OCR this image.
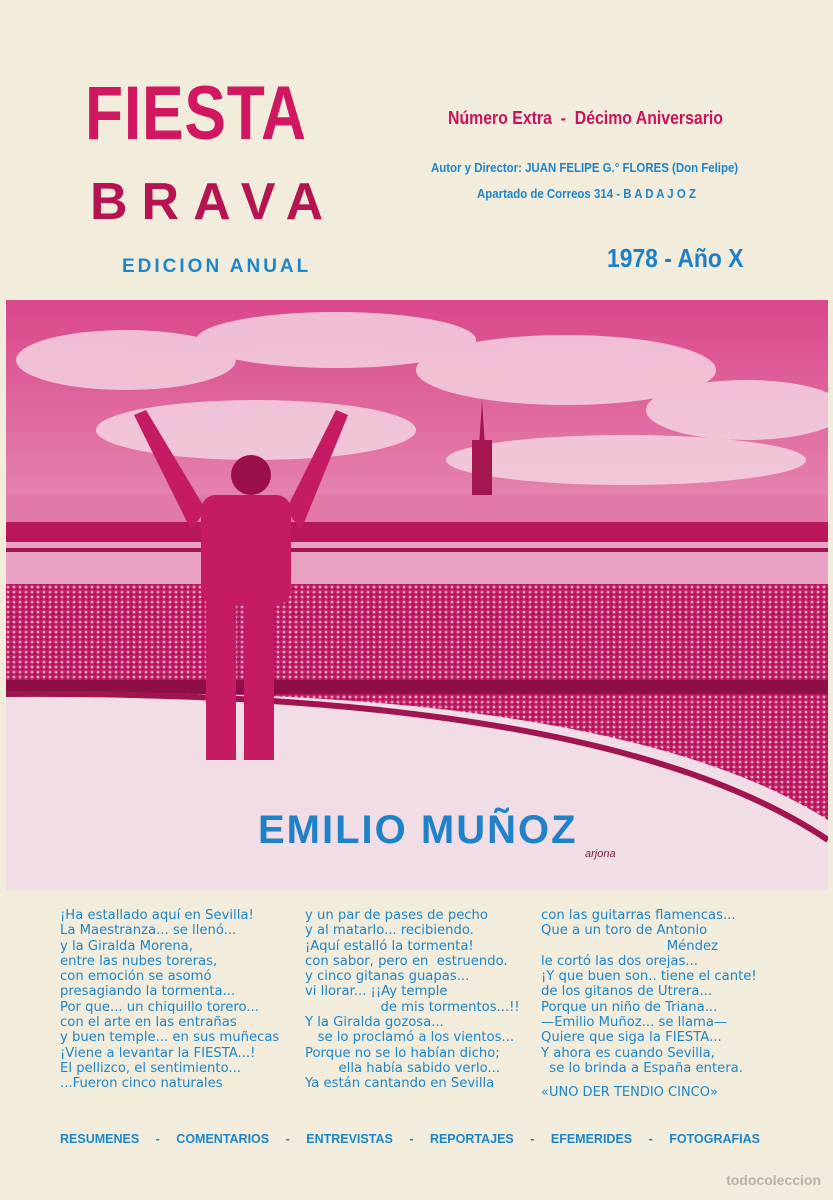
FIESTA
BRAVA
EDICION ANUAL
Número Extra  -  Décimo Aniversario
Autor y Director: JUAN FELIPE G.° FLORES (Don Felipe)
Apartado de Correos 314 - B A D A J O Z
1978 - Año X
EMILIO MUÑOZ
arjona
¡Ha estallado aquí en Sevilla!
La Maestranza... se llenó...
y la Giralda Morena,
entre las nubes toreras,
con emoción se asomó
presagiando la tormenta...
Por que... un chiquillo torero...
con el arte en las entrañas
y buen temple... en sus muñecas
¡Viene a levantar la FIESTA...!
El pellizco, el sentimiento...
...Fueron cinco naturales
y un par de pases de pecho
y al matarlo... recibiendo.
¡Aquí estalló la tormenta!
con sabor, pero en  estruendo.
y cinco gitanas guapas...
vi llorar... ¡¡Ay temple
de mis tormentos...!!
Y la Giralda gozosa...
se lo proclamó a los vientos...
Porque no se lo habían dicho;
ella había sabido verlo...
Ya están cantando en Sevilla
con las guitarras flamencas...
Que a un toro de Antonio
Méndez
le cortó las dos orejas...
¡Y que buen son.. tiene el cante!
de los gitanos de Utrera...
Porque un niño de Triana...
—Emilio Muñoz... se llama—
Quiere que siga la FIESTA...
Y ahora es cuando Sevilla,
se lo brinda a España entera.
«UNO DER TENDIO CINCO»
RESUMENES - COMENTARIOS - ENTREVISTAS - REPORTAJES - EFEMERIDES - FOTOGRAFIAS
todocoleccion
